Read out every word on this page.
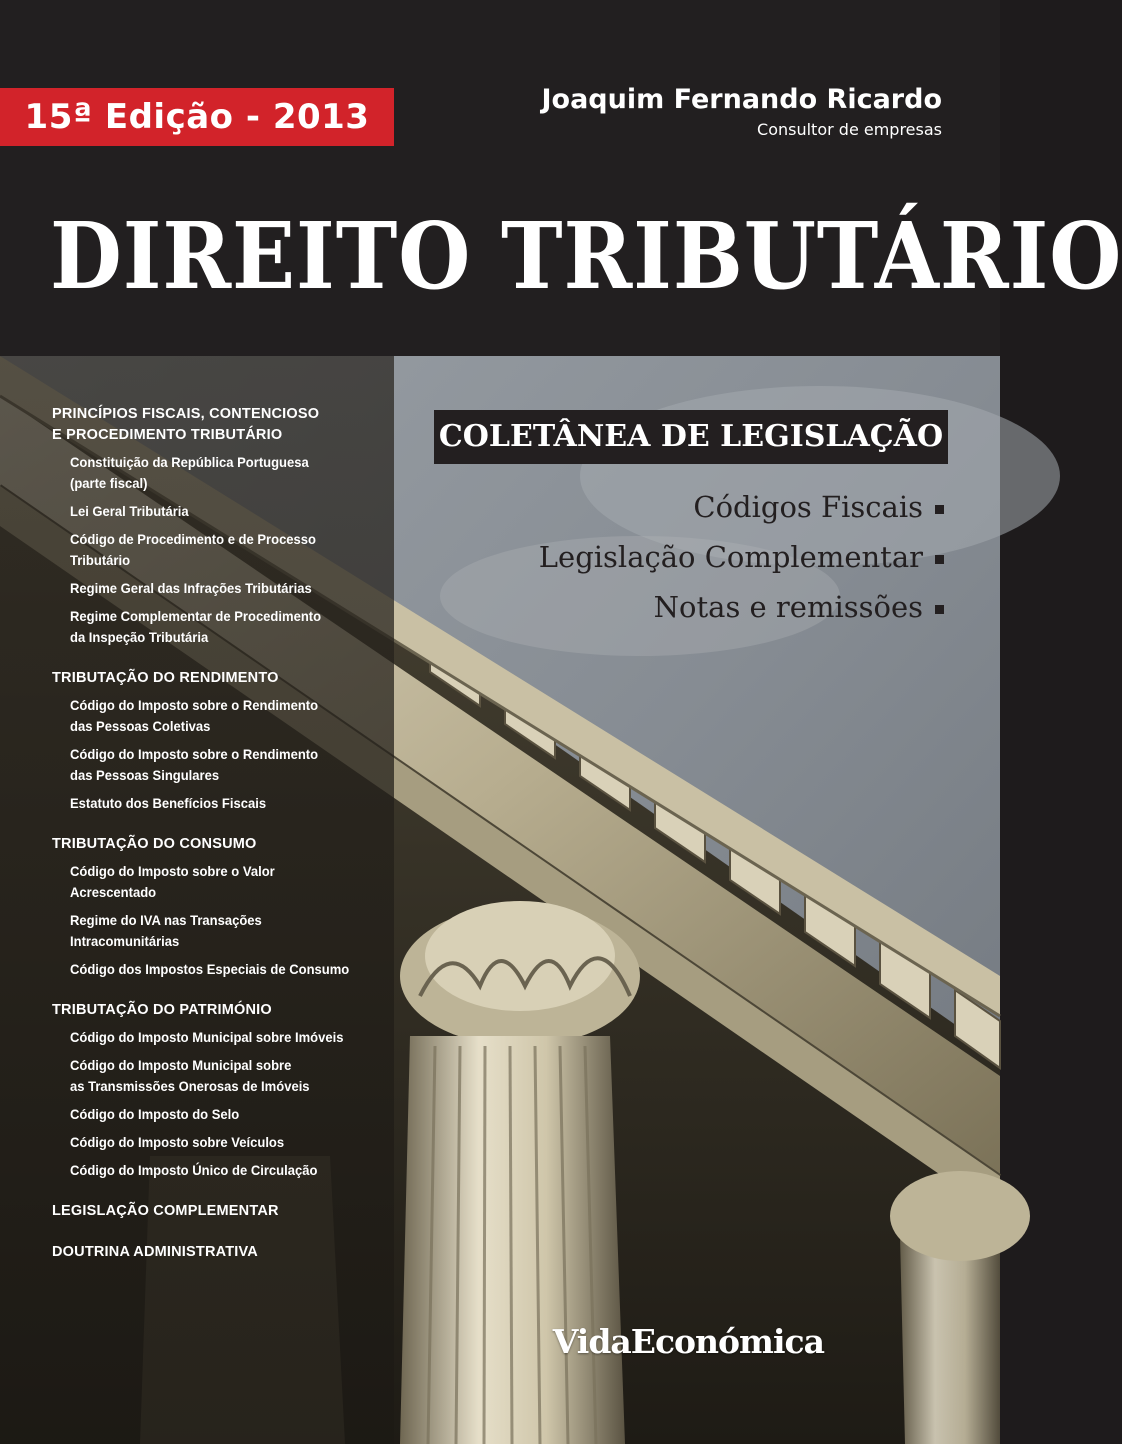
15ª Edição - 2013	Joaquim Fernando Ricardo
Consultor de empresas
DIREITO TRIBUTÁRIO
PRINCÍPIOS FISCAIS, CONTENCIOSO
E PROCEDIMENTO TRIBUTÁRIO
Constituição da República Portuguesa
(parte fiscal)
Lei Geral Tributária
Código de Procedimento e de Processo
Tributário
Regime Geral das Infrações Tributárias
Regime Complementar de Procedimento
da Inspeção Tributária
TRIBUTAÇÃO DO RENDIMENTO
Código do Imposto sobre o Rendimento
das Pessoas Coletivas
Código do Imposto sobre o Rendimento
das Pessoas Singulares
Estatuto dos Benefícios Fiscais
TRIBUTAÇÃO DO CONSUMO
Código do Imposto sobre o Valor Acrescentado
Regime do IVA nas Transações
Intracomunitárias
Código dos Impostos Especiais de Consumo
TRIBUTAÇÃO DO PATRIMÓNIO
Código do Imposto Municipal sobre Imóveis
Código do Imposto Municipal sobre
as Transmissões Onerosas de Imóveis
Código do Imposto do Selo
Código do Imposto sobre Veículos
Código do Imposto Único de Circulação
LEGISLAÇÃO COMPLEMENTAR
DOUTRINA ADMINISTRATIVA
COLETÂNEA DE LEGISLAÇÃO
Códigos Fiscais
Legislação Complementar
Notas e remissões
VidaEconómica
